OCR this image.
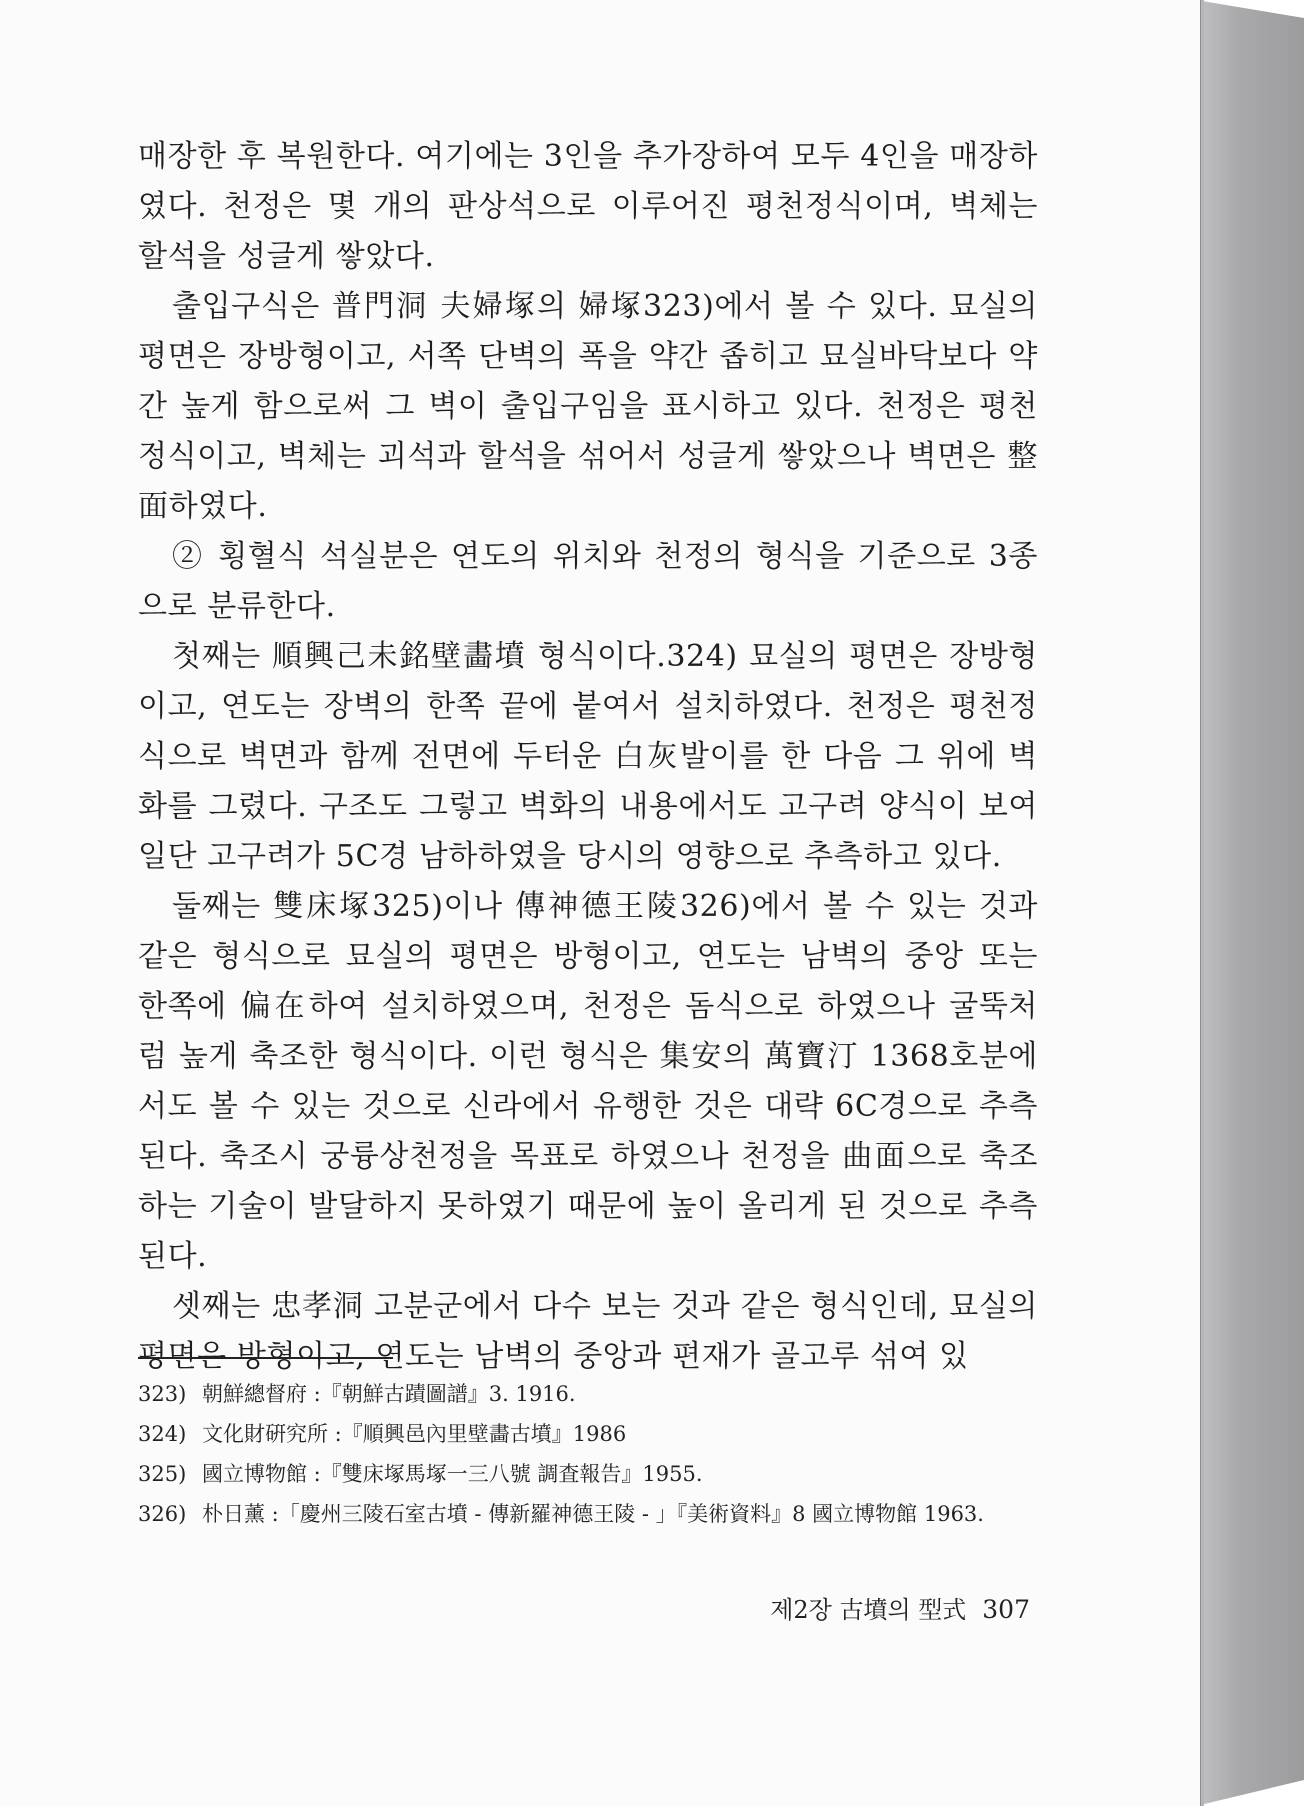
매장한 후 복원한다. 여기에는 3인을 추가장하여 모두 4인을 매장하였다. 천정은 몇 개의 판상석으로 이루어진 평천정식이며, 벽체는 할석을 성글게 쌓았다.

출입구식은 普門洞 夫婦塚의 婦塚323)에서 볼 수 있다. 묘실의 평면은 장방형이고, 서쪽 단벽의 폭을 약간 좁히고 묘실바닥보다 약간 높게 함으로써 그 벽이 출입구임을 표시하고 있다. 천정은 평천정식이고, 벽체는 괴석과 할석을 섞어서 성글게 쌓았으나 벽면은 整面하였다.

② 횡혈식 석실분은 연도의 위치와 천정의 형식을 기준으로 3종으로 분류한다.

첫째는 順興己未銘壁畵墳 형식이다.324) 묘실의 평면은 장방형이고, 연도는 장벽의 한쪽 끝에 붙여서 설치하였다. 천정은 평천정식으로 벽면과 함께 전면에 두터운 白灰발이를 한 다음 그 위에 벽화를 그렸다. 구조도 그렇고 벽화의 내용에서도 고구려 양식이 보여 일단 고구려가 5C경 남하하였을 당시의 영향으로 추측하고 있다.

둘째는 雙床塚325)이나 傳神德王陵326)에서 볼 수 있는 것과 같은 형식으로 묘실의 평면은 방형이고, 연도는 남벽의 중앙 또는 한쪽에 偏在하여 설치하였으며, 천정은 돔식으로 하였으나 굴뚝처럼 높게 축조한 형식이다. 이런 형식은 集安의 萬寶汀 1368호분에서도 볼 수 있는 것으로 신라에서 유행한 것은 대략 6C경으로 추측된다. 축조시 궁륭상천정을 목표로 하였으나 천정을 曲面으로 축조하는 기술이 발달하지 못하였기 때문에 높이 올리게 된 것으로 추측된다.

셋째는 忠孝洞 고분군에서 다수 보는 것과 같은 형식인데, 묘실의 평면은 방형이고, 연도는 남벽의 중앙과 편재가 골고루 섞여 있

323) 朝鮮總督府 :『朝鮮古蹟圖譜』3. 1916.
324) 文化財硏究所 :『順興邑內里壁畵古墳』1986
325) 國立博物館 :『雙床塚馬塚一三八號 調査報告』1955.
326) 朴日薰 :「慶州三陵石室古墳 - 傳新羅神德王陵 - 」『美術資料』8 國立博物館 1963.
제2장 古墳의 型式 307
